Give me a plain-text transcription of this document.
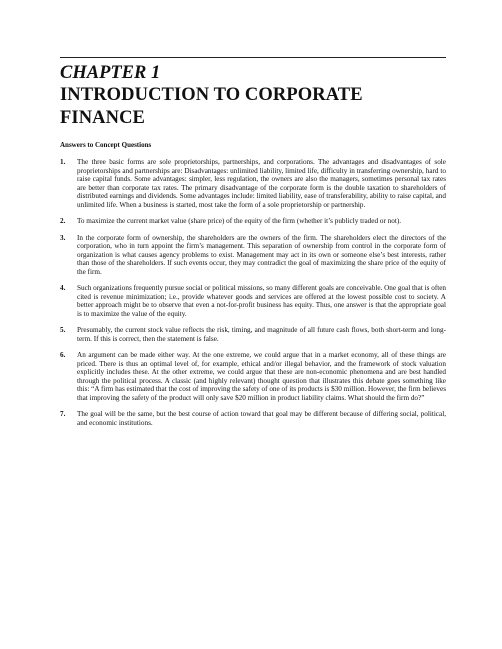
CHAPTER 1
INTRODUCTION TO CORPORATE FINANCE
Answers to Concept Questions
1. The three basic forms are sole proprietorships, partnerships, and corporations. The advantages and disadvantages of sole proprietorships and partnerships are: Disadvantages: unlimited liability, limited life, difficulty in transferring ownership, hard to raise capital funds. Some advantages: simpler, less regulation, the owners are also the managers, sometimes personal tax rates are better than corporate tax rates. The primary disadvantage of the corporate form is the double taxation to shareholders of distributed earnings and dividends. Some advantages include: limited liability, ease of transferability, ability to raise capital, and unlimited life. When a business is started, most take the form of a sole proprietorship or partnership.
2. To maximize the current market value (share price) of the equity of the firm (whether it’s publicly traded or not).
3. In the corporate form of ownership, the shareholders are the owners of the firm. The shareholders elect the directors of the corporation, who in turn appoint the firm’s management. This separation of ownership from control in the corporate form of organization is what causes agency problems to exist. Management may act in its own or someone else’s best interests, rather than those of the shareholders. If such events occur, they may contradict the goal of maximizing the share price of the equity of the firm.
4. Such organizations frequently pursue social or political missions, so many different goals are conceivable. One goal that is often cited is revenue minimization; i.e., provide whatever goods and services are offered at the lowest possible cost to society. A better approach might be to observe that even a not-for-profit business has equity. Thus, one answer is that the appropriate goal is to maximize the value of the equity.
5. Presumably, the current stock value reflects the risk, timing, and magnitude of all future cash flows, both short-term and long-term. If this is correct, then the statement is false.
6. An argument can be made either way. At the one extreme, we could argue that in a market economy, all of these things are priced. There is thus an optimal level of, for example, ethical and/or illegal behavior, and the framework of stock valuation explicitly includes these. At the other extreme, we could argue that these are non-economic phenomena and are best handled through the political process. A classic (and highly relevant) thought question that illustrates this debate goes something like this: “A firm has estimated that the cost of improving the safety of one of its products is $30 million. However, the firm believes that improving the safety of the product will only save $20 million in product liability claims. What should the firm do?”
7. The goal will be the same, but the best course of action toward that goal may be different because of differing social, political, and economic institutions.
